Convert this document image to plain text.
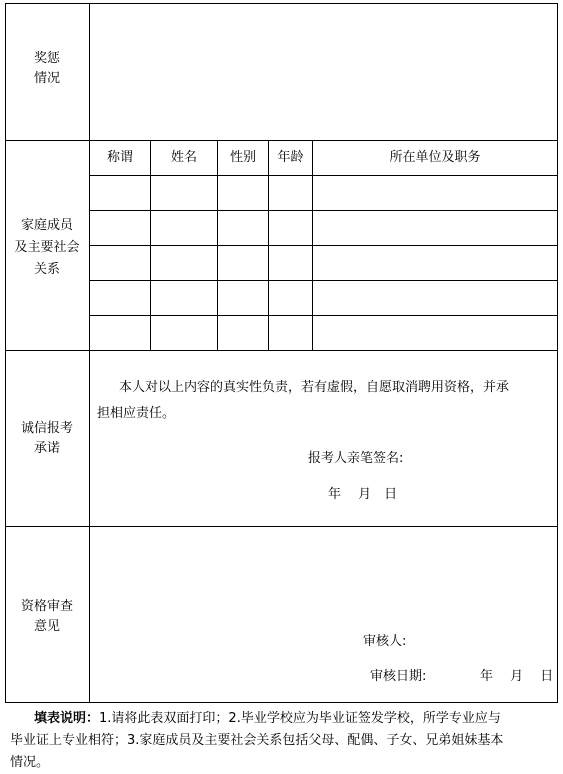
奖惩
情况
家庭成员
及主要社会
关系
称谓	姓名	性别	年龄	所在单位及职务
诚信报考
承诺
本人对以上内容的真实性负责，若有虚假，自愿取消聘用资格，并承
担相应责任。
报考人亲笔签名:
年　 月　日
资格审查
意见
审核人:
审核日期:	年　 月　 日
填表说明：1.请将此表双面打印；2.毕业学校应为毕业证签发学校，所学专业应与
毕业证上专业相符；3.家庭成员及主要社会关系包括父母、配偶、子女、兄弟姐妹基本
情况。
